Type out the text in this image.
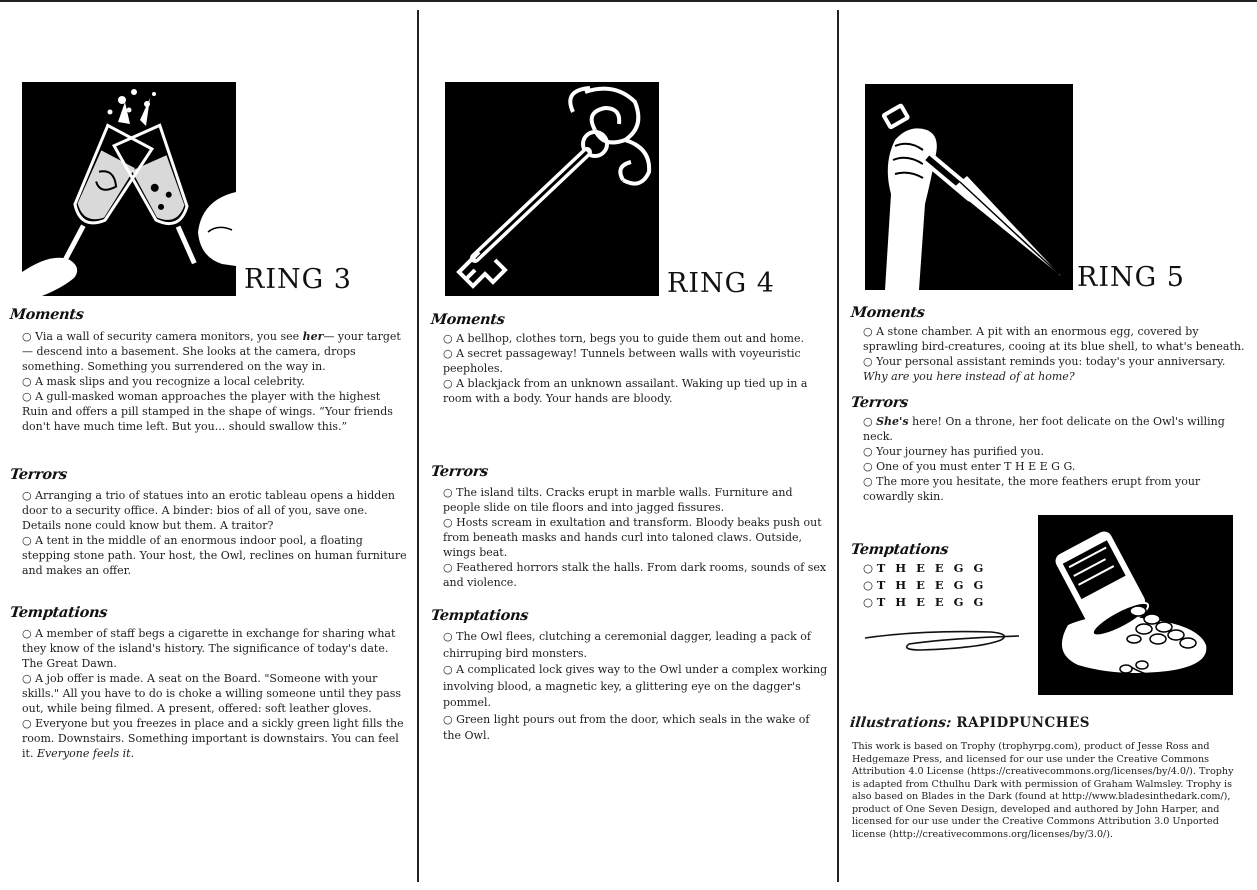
RING 3
Moments

○ Via a wall of security camera monitors, you see her— your target— descend into a basement. She looks at the camera, drops something. Something you surrendered on the way in.

○ A mask slips and you recognize a local celebrity.

○ A gull-masked woman approaches the player with the highest Ruin and offers a pill stamped in the shape of wings. “Your friends don't have much time left. But you... should swallow this.”

Terrors

○ Arranging a trio of statues into an erotic tableau opens a hidden door to a security office. A binder: bios of all of you, save one. Details none could know but them. A traitor?

○ A tent in the middle of an enormous indoor pool, a floating stepping stone path. Your host, the Owl, reclines on human furniture and makes an offer.

Temptations

○ A member of staff begs a cigarette in exchange for sharing what they know of the island's history. The significance of today's date. The Great Dawn.

○ A job offer is made. A seat on the Board. "Someone with your skills." All you have to do is choke a willing someone until they pass out, while being filmed. A present, offered: soft leather gloves.

○ Everyone but you freezes in place and a sickly green light fills the room. Downstairs. Something important is downstairs. You can feel it. Everyone feels it.

RING 4
Moments

○ A bellhop, clothes torn, begs you to guide them out and home.

○ A secret passageway! Tunnels between walls with voyeuristic peepholes.

○ A blackjack from an unknown assailant. Waking up tied up in a room with a body. Your hands are bloody.

Terrors

○ The island tilts. Cracks erupt in marble walls. Furniture and people slide on tile floors and into jagged fissures.

○ Hosts scream in exultation and transform. Bloody beaks push out from beneath masks and hands curl into taloned claws. Outside, wings beat.

○ Feathered horrors stalk the halls. From dark rooms, sounds of sex and violence.

Temptations

○ The Owl flees, clutching a ceremonial dagger, leading a pack of chirruping bird monsters.

○ A complicated lock gives way to the Owl under a complex working involving blood, a magnetic key, a glittering eye on the dagger's pommel.

○ Green light pours out from the door, which seals in the wake of the Owl.

RING 5
Moments

○ A stone chamber. A pit with an enormous egg, covered by sprawling bird-creatures, cooing at its blue shell, to what's beneath.

○ Your personal assistant reminds you: today's your anniversary.
Why are you here instead of at home?

Terrors

○ She's here! On a throne, her foot delicate on the Owl's willing neck.

○ Your journey has purified you.

○ One of you must enter T H E E G G.

○ The more you hesitate, the more feathers erupt from your cowardly skin.

Temptations
○ T H E E G G
○ T H E E G G
○ T H E E G G
illustrations: RAPIDPUNCHES
This work is based on Trophy (trophyrpg.com), product of Jesse Ross and Hedgemaze Press, and licensed for our use under the Creative Commons Attribution 4.0 License (https://creativecommons.org/licenses/by/4.0/). Trophy is adapted from Cthulhu Dark with permission of Graham Walmsley. Trophy is also based on Blades in the Dark (found at http://www.bladesinthedark.com/), product of One Seven Design, developed and authored by John Harper, and licensed for our use under the Creative Commons Attribution 3.0 Unported license (http://creativecommons.org/licenses/by/3.0/).
